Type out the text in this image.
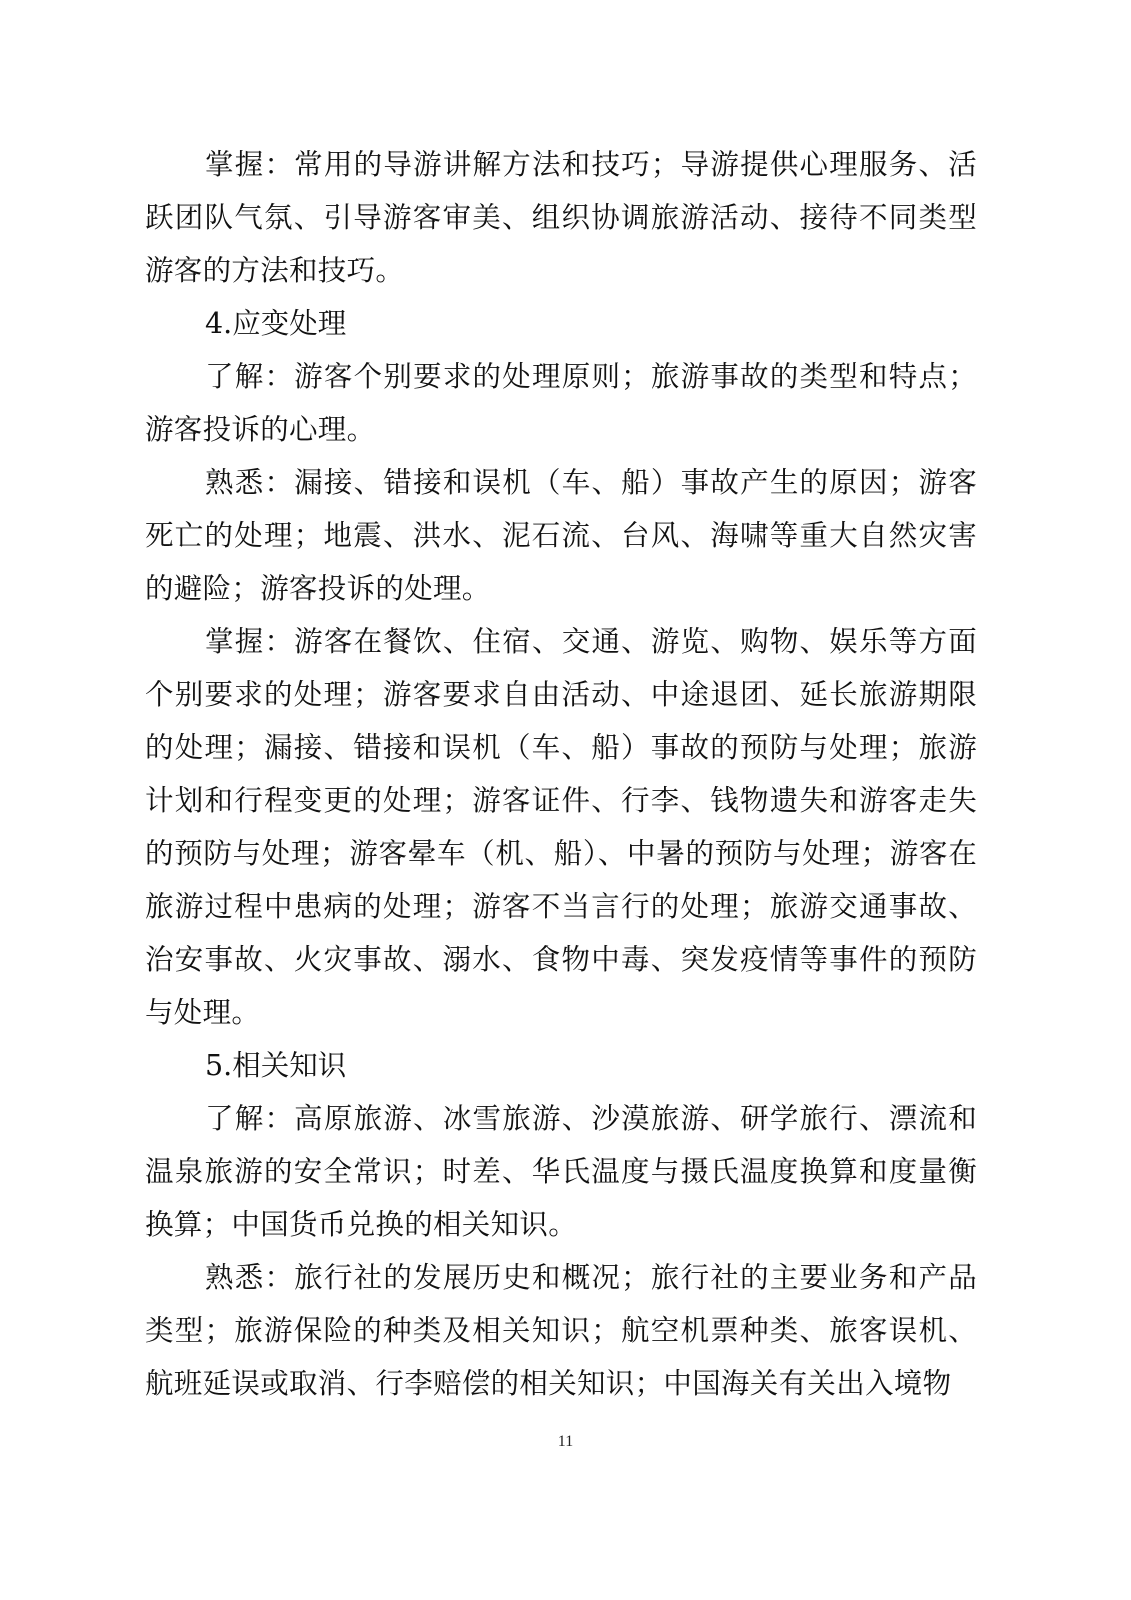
掌握：常用的导游讲解方法和技巧；导游提供心理服务、活跃团队气氛、引导游客审美、组织协调旅游活动、接待不同类型游客的方法和技巧。

4.应变处理

了解：游客个别要求的处理原则；旅游事故的类型和特点；游客投诉的心理。

熟悉：漏接、错接和误机（车、船）事故产生的原因；游客死亡的处理；地震、洪水、泥石流、台风、海啸等重大自然灾害的避险；游客投诉的处理。

掌握：游客在餐饮、住宿、交通、游览、购物、娱乐等方面个别要求的处理；游客要求自由活动、中途退团、延长旅游期限的处理；漏接、错接和误机（车、船）事故的预防与处理；旅游计划和行程变更的处理；游客证件、行李、钱物遗失和游客走失的预防与处理；游客晕车（机、船）、中暑的预防与处理；游客在旅游过程中患病的处理；游客不当言行的处理；旅游交通事故、治安事故、火灾事故、溺水、食物中毒、突发疫情等事件的预防与处理。

5.相关知识

了解：高原旅游、冰雪旅游、沙漠旅游、研学旅行、漂流和温泉旅游的安全常识；时差、华氏温度与摄氏温度换算和度量衡换算；中国货币兑换的相关知识。

熟悉：旅行社的发展历史和概况；旅行社的主要业务和产品类型；旅游保险的种类及相关知识；航空机票种类、旅客误机、航班延误或取消、行李赔偿的相关知识；中国海关有关出入境物

11
